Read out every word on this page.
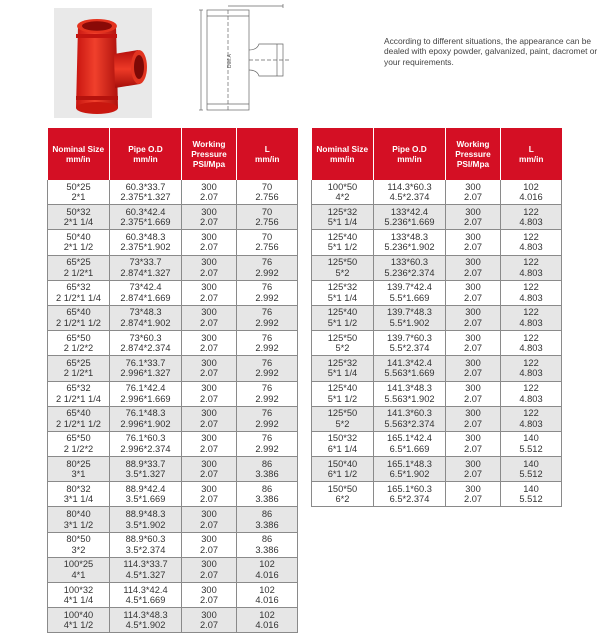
DIM.A
According to different situations, the appearance can be dealed with epoxy powder, galvanized, paint, dacromet or your requirements.
Nominal Size
mm/in	Pipe O.D
mm/in	Working
Pressure
PSI/Mpa	L
mm/in

50*25
2*1	60.3*33.7
2.375*1.327	300
2.07	70
2.756

50*32
2*1 1/4	60.3*42.4
2.375*1.669	300
2.07	70
2.756

50*40
2*1 1/2	60.3*48.3
2.375*1.902	300
2.07	70
2.756

65*25
2 1/2*1	73*33.7
2.874*1.327	300
2.07	76
2.992

65*32
2 1/2*1 1/4	73*42.4
2.874*1.669	300
2.07	76
2.992

65*40
2 1/2*1 1/2	73*48.3
2.874*1.902	300
2.07	76
2.992

65*50
2 1/2*2	73*60.3
2.874*2.374	300
2.07	76
2.992

65*25
2 1/2*1	76.1*33.7
2.996*1.327	300
2.07	76
2.992

65*32
2 1/2*1 1/4	76.1*42.4
2.996*1.669	300
2.07	76
2.992

65*40
2 1/2*1 1/2	76.1*48.3
2.996*1.902	300
2.07	76
2.992

65*50
2 1/2*2	76.1*60.3
2.996*2.374	300
2.07	76
2.992

80*25
3*1	88.9*33.7
3.5*1.327	300
2.07	86
3.386

80*32
3*1 1/4	88.9*42.4
3.5*1.669	300
2.07	86
3.386

80*40
3*1 1/2	88.9*48.3
3.5*1.902	300
2.07	86
3.386

80*50
3*2	88.9*60.3
3.5*2.374	300
2.07	86
3.386

100*25
4*1	114.3*33.7
4.5*1.327	300
2.07	102
4.016

100*32
4*1 1/4	114.3*42.4
4.5*1.669	300
2.07	102
4.016

100*40
4*1 1/2	114.3*48.3
4.5*1.902	300
2.07	102
4.016
Nominal Size
mm/in	Pipe O.D
mm/in	Working
Pressure
PSI/Mpa	L
mm/in

100*50
4*2	114.3*60.3
4.5*2.374	300
2.07	102
4.016

125*32
5*1 1/4	133*42.4
5.236*1.669	300
2.07	122
4.803

125*40
5*1 1/2	133*48.3
5.236*1.902	300
2.07	122
4.803

125*50
5*2	133*60.3
5.236*2.374	300
2.07	122
4.803

125*32
5*1 1/4	139.7*42.4
5.5*1.669	300
2.07	122
4.803

125*40
5*1 1/2	139.7*48.3
5.5*1.902	300
2.07	122
4.803

125*50
5*2	139.7*60.3
5.5*2.374	300
2.07	122
4.803

125*32
5*1 1/4	141.3*42.4
5.563*1.669	300
2.07	122
4.803

125*40
5*1 1/2	141.3*48.3
5.563*1.902	300
2.07	122
4.803

125*50
5*2	141.3*60.3
5.563*2.374	300
2.07	122
4.803

150*32
6*1 1/4	165.1*42.4
6.5*1.669	300
2.07	140
5.512

150*40
6*1 1/2	165.1*48.3
6.5*1.902	300
2.07	140
5.512

150*50
6*2	165.1*60.3
6.5*2.374	300
2.07	140
5.512
